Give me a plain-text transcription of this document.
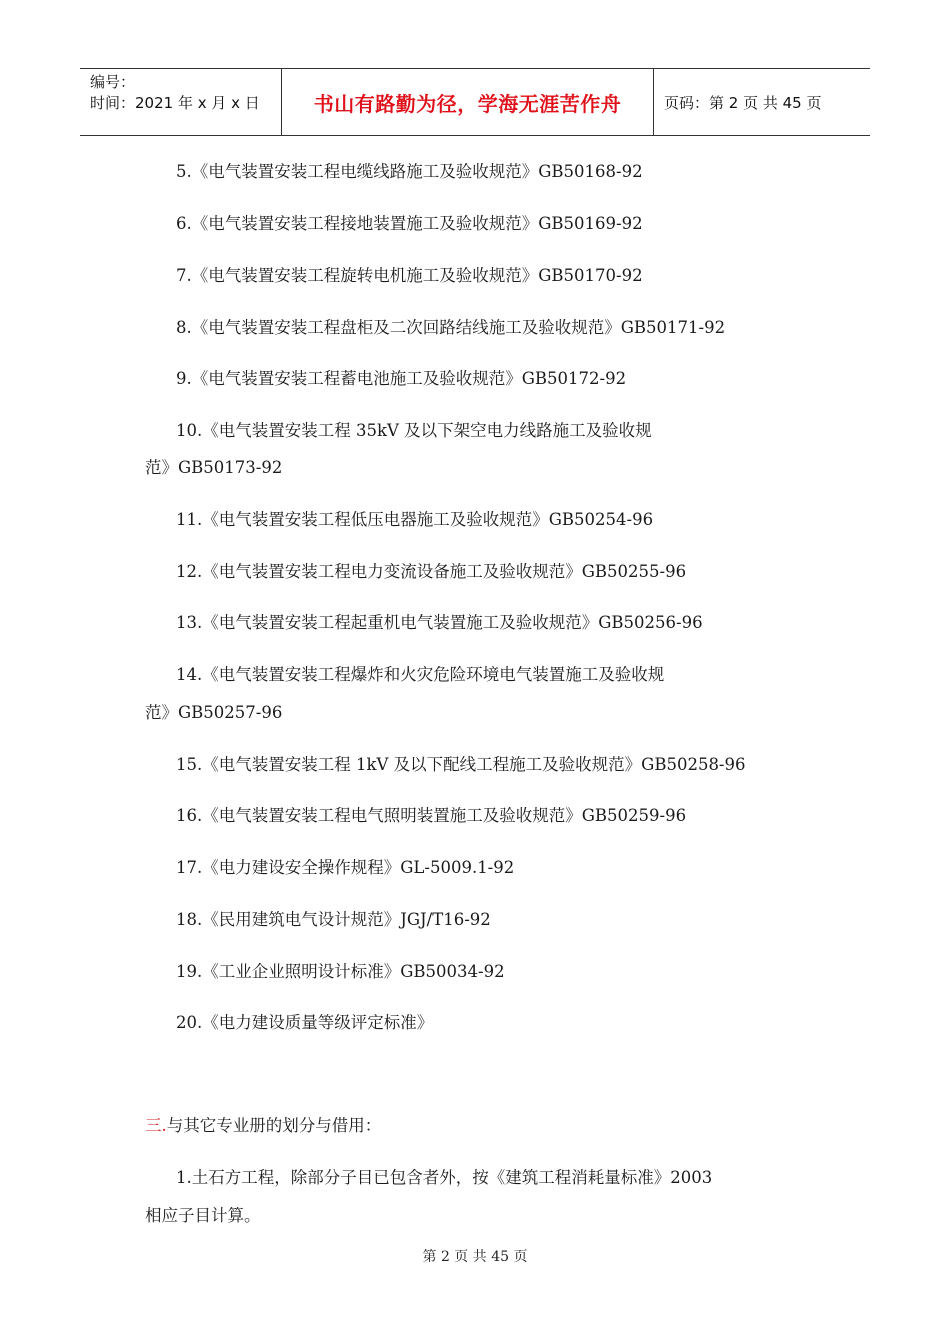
编号：
时间：2021 年 x 月 x 日	书山有路勤为径，学海无涯苦作舟	页码：第 2 页 共 45 页
5.《电气装置安装工程电缆线路施工及验收规范》GB50168-92
6.《电气装置安装工程接地装置施工及验收规范》GB50169-92
7.《电气装置安装工程旋转电机施工及验收规范》GB50170-92
8.《电气装置安装工程盘柜及二次回路结线施工及验收规范》GB50171-92
9.《电气装置安装工程蓄电池施工及验收规范》GB50172-92
10.《电气装置安装工程 35kV 及以下架空电力线路施工及验收规
范》GB50173-92
11.《电气装置安装工程低压电器施工及验收规范》GB50254-96
12.《电气装置安装工程电力变流设备施工及验收规范》GB50255-96
13.《电气装置安装工程起重机电气装置施工及验收规范》GB50256-96
14.《电气装置安装工程爆炸和火灾危险环境电气装置施工及验收规
范》GB50257-96
15.《电气装置安装工程 1kV 及以下配线工程施工及验收规范》GB50258-96
16.《电气装置安装工程电气照明装置施工及验收规范》GB50259-96
17.《电力建设安全操作规程》GL-5009.1-92
18.《民用建筑电气设计规范》JGJ/T16-92
19.《工业企业照明设计标准》GB50034-92
20.《电力建设质量等级评定标准》
三.与其它专业册的划分与借用：
1.土石方工程，除部分子目已包含者外，按《建筑工程消耗量标准》2003
相应子目计算。
第 2 页 共 45 页
